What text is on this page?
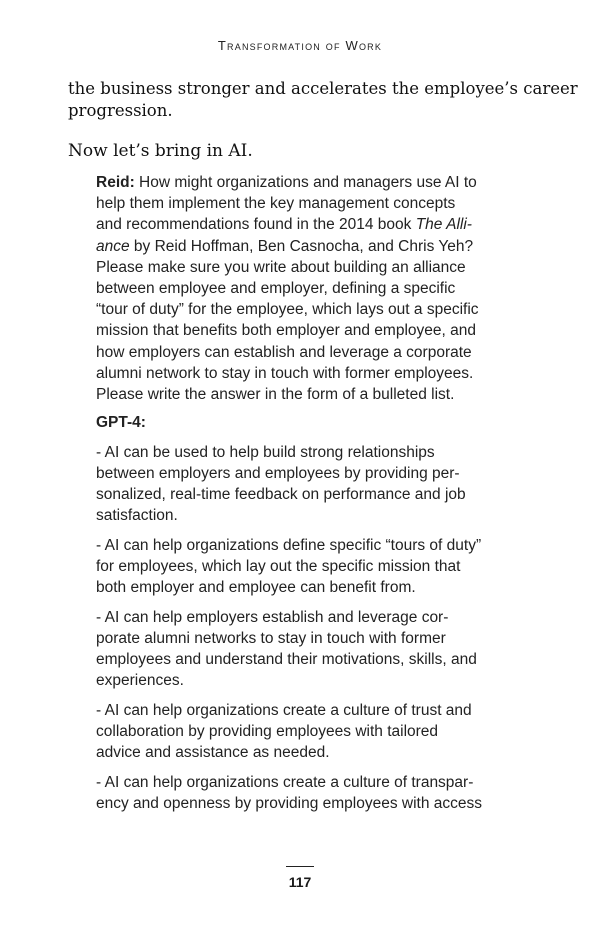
Transformation of Work
the business stronger and accelerates the employee’s career
progression.
Now let’s bring in AI.
Reid: How might organizations and managers use AI to
help them implement the key management concepts
and recommendations found in the 2014 book The Alli-
ance by Reid Hoffman, Ben Casnocha, and Chris Yeh?
Please make sure you write about building an alliance
between employee and employer, defining a specific
“tour of duty” for the employee, which lays out a specific
mission that benefits both employer and employee, and
how employers can establish and leverage a corporate
alumni network to stay in touch with former employees.
Please write the answer in the form of a bulleted list.
GPT-4:
- AI can be used to help build strong relationships
between employers and employees by providing per-
sonalized, real-time feedback on performance and job
satisfaction.
- AI can help organizations define specific “tours of duty”
for employees, which lay out the specific mission that
both employer and employee can benefit from.
- AI can help employers establish and leverage cor-
porate alumni networks to stay in touch with former
employees and understand their motivations, skills, and
experiences.
- AI can help organizations create a culture of trust and
collaboration by providing employees with tailored
advice and assistance as needed.
- AI can help organizations create a culture of transpar-
ency and openness by providing employees with access
117
